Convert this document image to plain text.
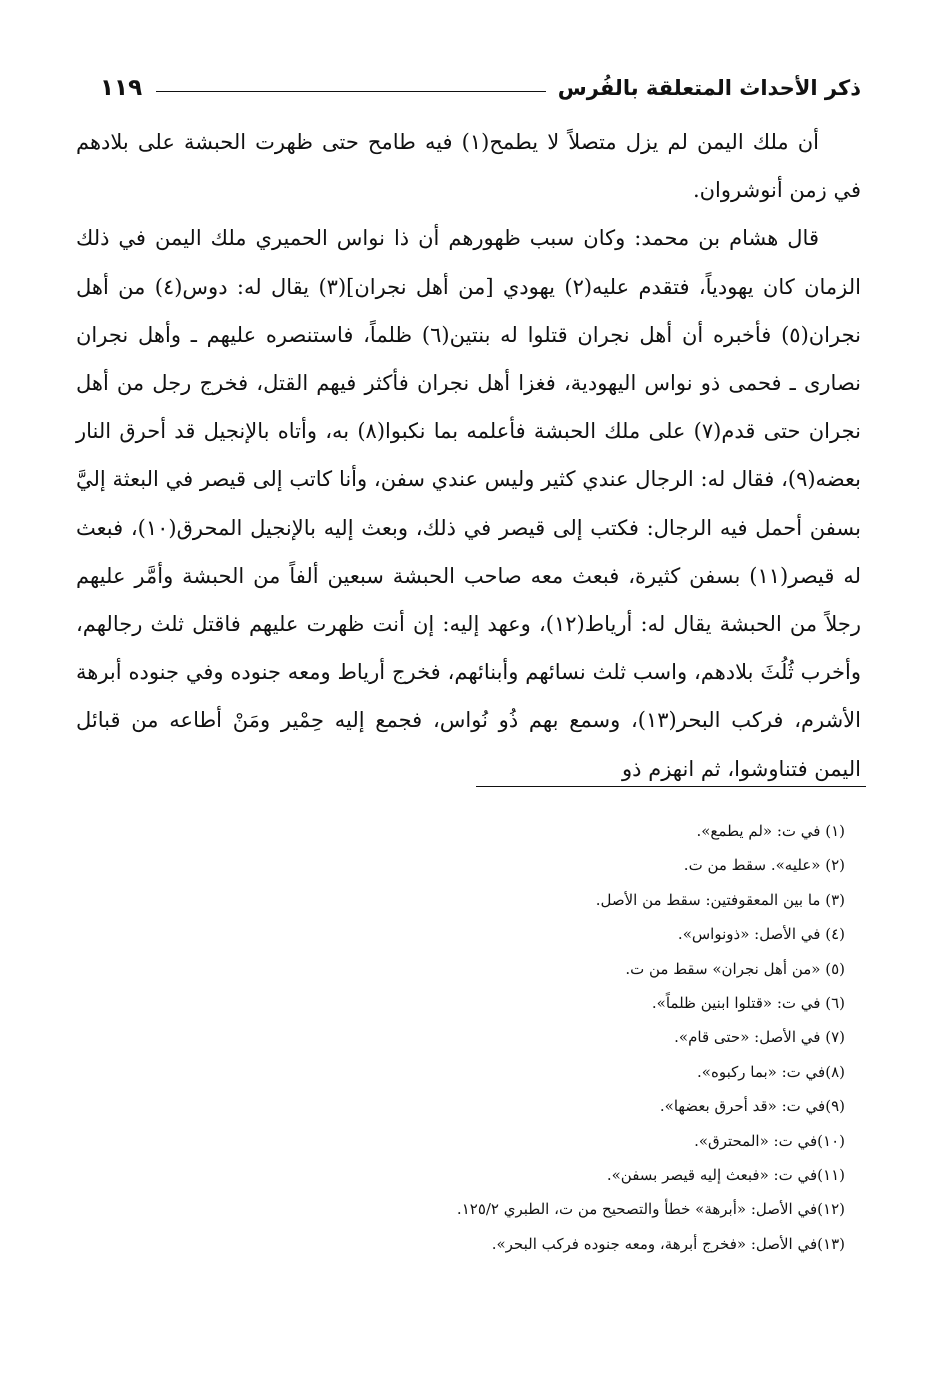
ذكر الأحداث المتعلقة بالفُرس
١١٩

أن ملك اليمن لم يزل متصلاً لا يطمح(١) فيه طامح حتى ظهرت الحبشة على بلادهم في زمن أنوشروان.

قال هشام بن محمد: وكان سبب ظهورهم أن ذا نواس الحميري ملك اليمن في ذلك الزمان كان يهودياً، فتقدم عليه(٢) يهودي [من أهل نجران](٣) يقال له: دوس(٤) من أهل نجران(٥) فأخبره أن أهل نجران قتلوا له بنتين(٦) ظلماً، فاستنصره عليهم ـ وأهل نجران نصارى ـ فحمى ذو نواس اليهودية، فغزا أهل نجران فأكثر فيهم القتل، فخرج رجل من أهل نجران حتى قدم(٧) على ملك الحبشة فأعلمه بما نكبوا(٨) به، وأتاه بالإنجيل قد أحرق النار بعضه(٩)، فقال له: الرجال عندي كثير وليس عندي سفن، وأنا كاتب إلى قيصر في البعثة إليَّ بسفن أحمل فيه الرجال: فكتب إلى قيصر في ذلك، وبعث إليه بالإنجيل المحرق(١٠)، فبعث له قيصر(١١) بسفن كثيرة، فبعث معه صاحب الحبشة سبعين ألفاً من الحبشة وأمَّر عليهم رجلاً من الحبشة يقال له: أرياط(١٢)، وعهد إليه: إن أنت ظهرت عليهم فاقتل ثلث رجالهم، وأخرب ثُلُثَ بلادهم، واسب ثلث نسائهم وأبنائهم، فخرج أرياط ومعه جنوده وفي جنوده أبرهة الأشرم، فركب البحر(١٣)، وسمع بهم ذُو نُواس، فجمع إليه حِمْير ومَنْ أطاعه من قبائل اليمن فتناوشوا، ثم انهزم ذو

(١) في ت: «لم يطمع».
(٢) «عليه». سقط من ت.
(٣) ما بين المعقوفتين: سقط من الأصل.
(٤) في الأصل: «ذونواس».
(٥) «من أهل نجران» سقط من ت.
(٦) في ت: «قتلوا ابنين ظلماً».
(٧) في الأصل: «حتى قام».
(٨)في ت: «بما ركبوه».
(٩)في ت: «قد أحرق بعضها».
(١٠)في ت: «المحترق».
(١١)في ت: «فبعث إليه قيصر بسفن».
(١٢)في الأصل: «أبرهة» خطأ والتصحيح من ت، الطبري ١٢٥/٢.
(١٣)في الأصل: «فخرج أبرهة، ومعه جنوده فركب البحر».
